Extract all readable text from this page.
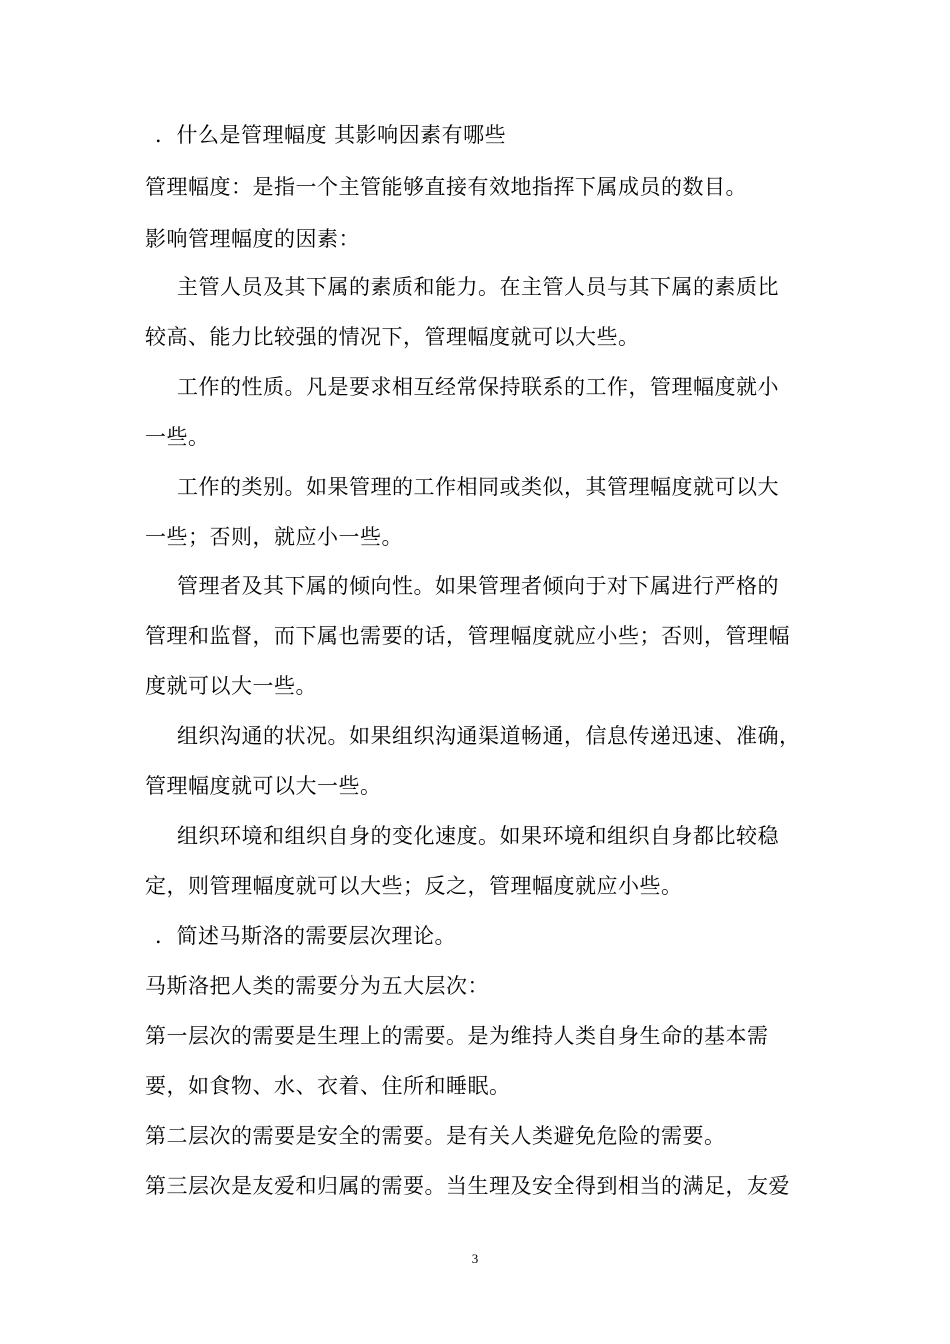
．什么是管理幅度 其影响因素有哪些
管理幅度：是指一个主管能够直接有效地指挥下属成员的数目。
影响管理幅度的因素：
主管人员及其下属的素质和能力。在主管人员与其下属的素质比
较高、能力比较强的情况下，管理幅度就可以大些。
工作的性质。凡是要求相互经常保持联系的工作，管理幅度就小
一些。
工作的类别。如果管理的工作相同或类似，其管理幅度就可以大
一些；否则，就应小一些。
管理者及其下属的倾向性。如果管理者倾向于对下属进行严格的
管理和监督，而下属也需要的话，管理幅度就应小些；否则，管理幅
度就可以大一些。
组织沟通的状况。如果组织沟通渠道畅通，信息传递迅速、准确，
管理幅度就可以大一些。
组织环境和组织自身的变化速度。如果环境和组织自身都比较稳
定，则管理幅度就可以大些；反之，管理幅度就应小些。
．简述马斯洛的需要层次理论。
马斯洛把人类的需要分为五大层次：
第一层次的需要是生理上的需要。是为维持人类自身生命的基本需
要，如食物、水、衣着、住所和睡眠。
第二层次的需要是安全的需要。是有关人类避免危险的需要。
第三层次是友爱和归属的需要。当生理及安全得到相当的满足，友爱
3
